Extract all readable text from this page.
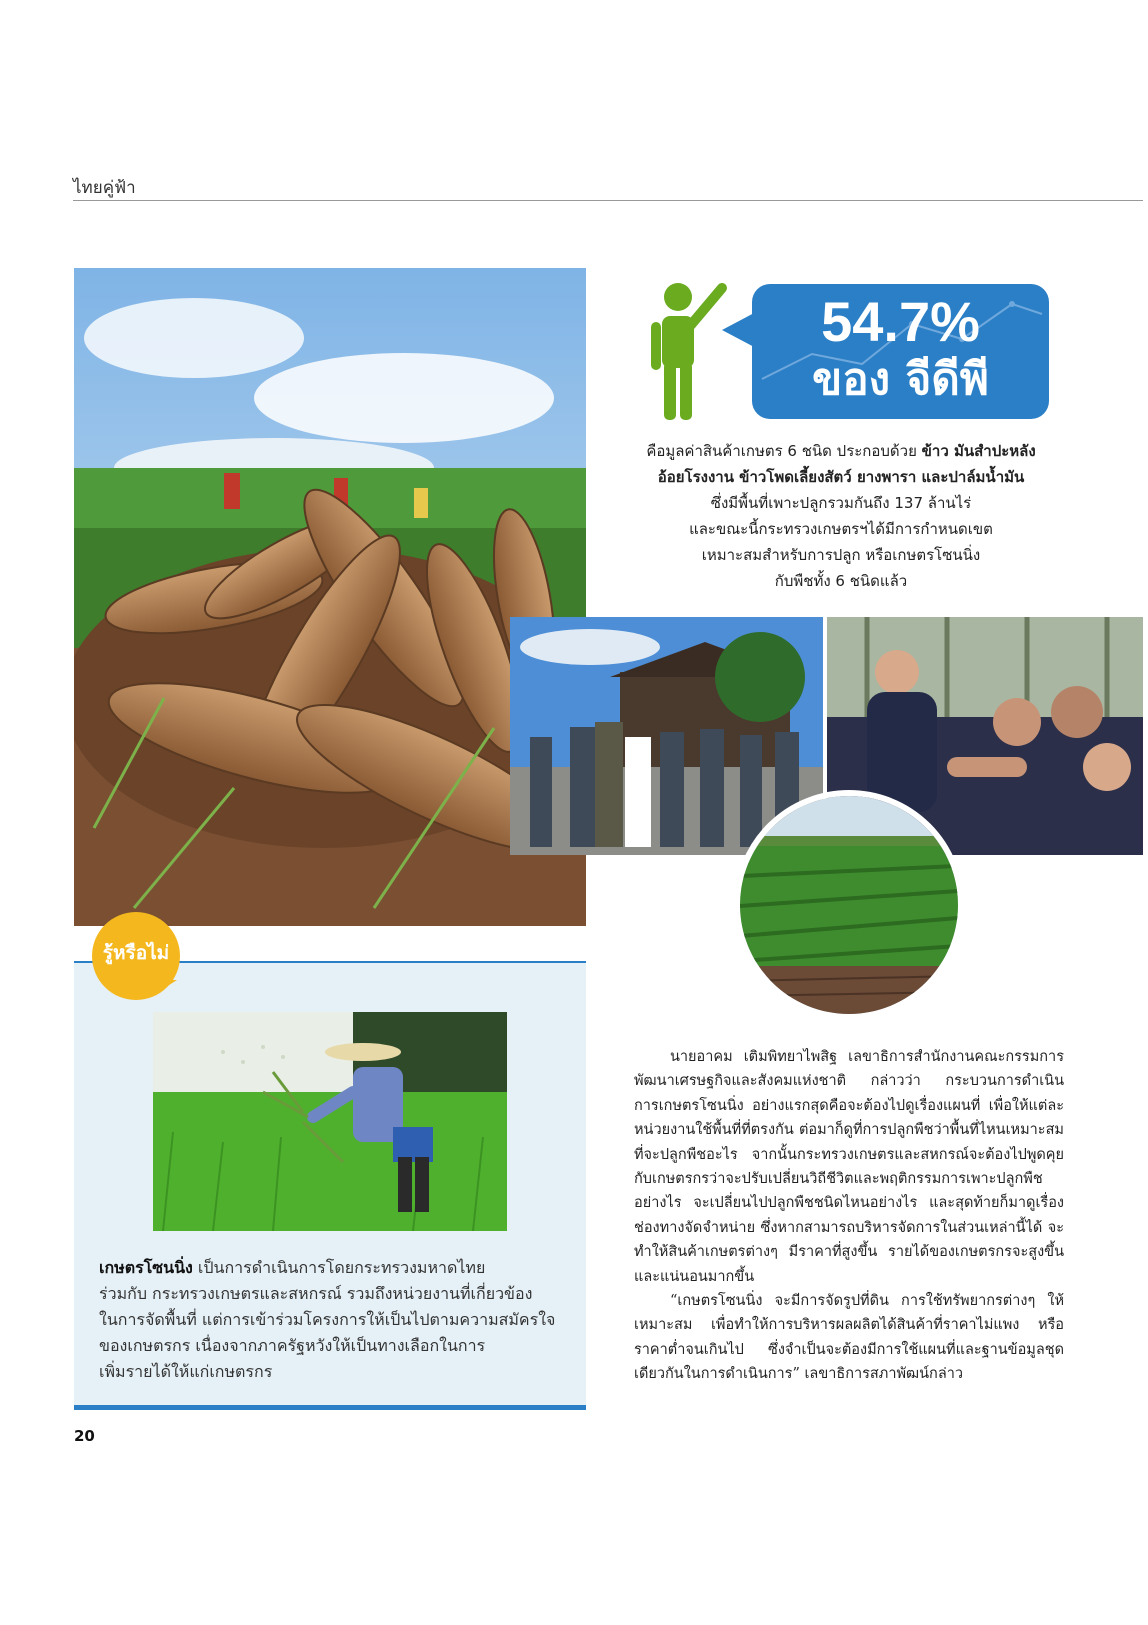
ไทยคู่ฟ้า
54.7%
ของ จีดีพี
คือมูลค่าสินค้าเกษตร 6 ชนิด ประกอบด้วย ข้าว มันสำปะหลัง
อ้อยโรงงาน ข้าวโพดเลี้ยงสัตว์ ยางพารา และปาล์มน้ำมัน
ซึ่งมีพื้นที่เพาะปลูกรวมกันถึง 137 ล้านไร่
และขณะนี้กระทรวงเกษตรฯได้มีการกำหนดเขต
เหมาะสมสำหรับการปลูก หรือเกษตรโซนนิ่ง
กับพืชทั้ง 6 ชนิดแล้ว
รู้หรือไม่
เกษตรโซนนิ่ง เป็นการดำเนินการโดยกระทรวงมหาดไทย
ร่วมกับ กระทรวงเกษตรและสหกรณ์ รวมถึงหน่วยงานที่เกี่ยวข้อง
ในการจัดพื้นที่ แต่การเข้าร่วมโครงการให้เป็นไปตามความสมัครใจ
ของเกษตรกร เนื่องจากภาครัฐหวังให้เป็นทางเลือกในการ
เพิ่มรายได้ให้แก่เกษตรกร

นายอาคม เติมพิทยาไพสิฐ เลขาธิการสำนักงานคณะกรรมการพัฒนาเศรษฐกิจและสังคมแห่งชาติ กล่าวว่า กระบวนการดำเนินการเกษตรโซนนิ่ง อย่างแรกสุดคือจะต้องไปดูเรื่องแผนที่ เพื่อให้แต่ละหน่วยงานใช้พื้นที่ที่ตรงกัน ต่อมาก็ดูที่การปลูกพืชว่าพื้นที่ไหนเหมาะสมที่จะปลูกพืชอะไร จากนั้นกระทรวงเกษตรและสหกรณ์จะต้องไปพูดคุยกับเกษตรกรว่าจะปรับเปลี่ยนวิถีชีวิตและพฤติกรรมการเพาะปลูกพืชอย่างไร จะเปลี่ยนไปปลูกพืชชนิดไหนอย่างไร และสุดท้ายก็มาดูเรื่องช่องทางจัดจำหน่าย ซึ่งหากสามารถบริหารจัดการในส่วนเหล่านี้ได้ จะทำให้สินค้าเกษตรต่างๆ มีราคาที่สูงขึ้น รายได้ของเกษตรกรจะสูงขึ้นและแน่นอนมากขึ้น

“เกษตรโซนนิ่ง จะมีการจัดรูปที่ดิน การใช้ทรัพยากรต่างๆ ให้เหมาะสม เพื่อทำให้การบริหารผลผลิตได้สินค้าที่ราคาไม่แพง หรือราคาต่ำจนเกินไป ซึ่งจำเป็นจะต้องมีการใช้แผนที่และฐานข้อมูลชุดเดียวกันในการดำเนินการ” เลขาธิการสภาพัฒน์กล่าว

20
